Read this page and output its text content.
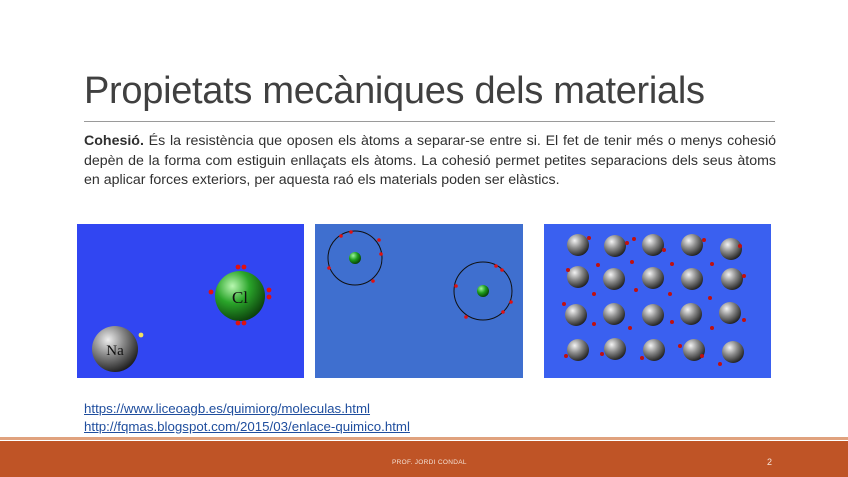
Propietats mecàniques dels materials

Cohesió. És la resistència que oposen els àtoms a separar-se entre si. El fet de tenir més o menys cohesió depèn de la forma com estiguin enllaçats els àtoms. La cohesió permet petites separacions dels seus àtoms en aplicar forces exteriors, per aquesta raó els materials poden ser elàstics.

Cl
Na
https://www.liceoagb.es/quimiorg/moleculas.html
http://fqmas.blogspot.com/2015/03/enlace-quimico.html
PROF. JORDI CONDAL	2
